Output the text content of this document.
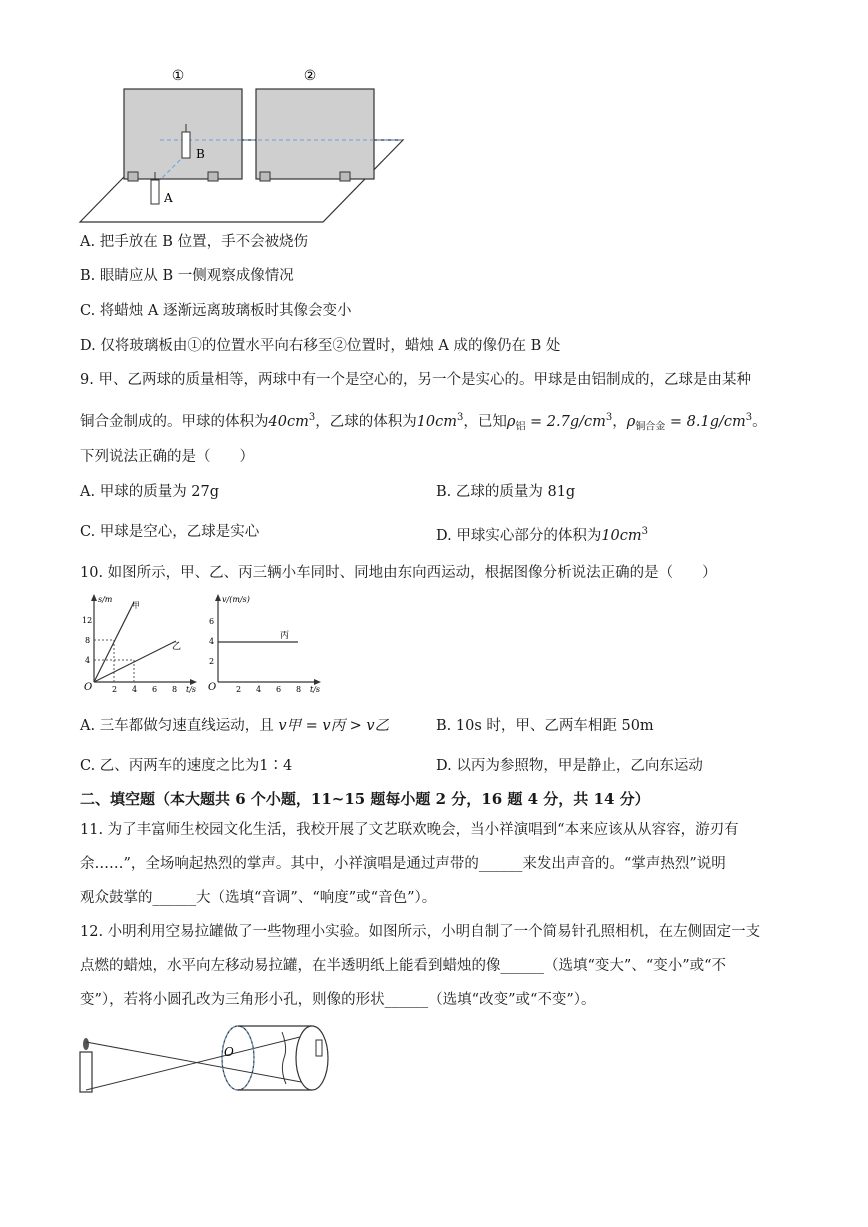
①	②
B
A
A. 把手放在 B 位置，手不会被烧伤
B. 眼睛应从 B 一侧观察成像情况
C. 将蜡烛 A 逐渐远离玻璃板时其像会变小
D. 仅将玻璃板由①的位置水平向右移至②位置时，蜡烛 A 成的像仍在 B 处
9. 甲、乙两球的质量相等，两球中有一个是空心的，另一个是实心的。甲球是由铝制成的，乙球是由某种
铜合金制成的。甲球的体积为$40cm^3$，乙球的体积为$10cm^3$，已知$\rho_铝 = 2.7g/cm^3$，$\rho_{铜合金} = 8.1g/cm^3$。
下列说法正确的是（　　）
A. 甲球的质量为 27g	B. 乙球的质量为 81g
C. 甲球是空心，乙球是实心	D. 甲球实心部分的体积为$10cm^3$
10. 如图所示，甲、乙、丙三辆小车同时、同地由东向西运动，根据图像分析说法正确的是（　　）
s/m
t/s
O
4
8
12
2 4 6 8
甲
乙
v/(m/s)
t/s
O
2
4
6
2 4 6 8
丙
A. 三车都做匀速直线运动，且 v甲 = v丙 > v乙	B. 10s 时，甲、乙两车相距 50m
C. 乙、丙两车的速度之比为1∶4	D. 以丙为参照物，甲是静止，乙向东运动
二、填空题（本大题共 6 个小题，11~15 题每小题 2 分，16 题 4 分，共 14 分）
11. 为了丰富师生校园文化生活，我校开展了文艺联欢晚会，当小祥演唱到“本来应该从从容容，游刃有
余……”，全场响起热烈的掌声。其中，小祥演唱是通过声带的______来发出声音的。“掌声热烈”说明
观众鼓掌的______大（选填“音调”、“响度”或“音色”）。
12. 小明利用空易拉罐做了一些物理小实验。如图所示，小明自制了一个简易针孔照相机，在左侧固定一支
点燃的蜡烛，水平向左移动易拉罐，在半透明纸上能看到蜡烛的像______（选填“变大”、“变小”或“不
变”），若将小圆孔改为三角形小孔，则像的形状______（选填“改变”或“不变”）。
O
